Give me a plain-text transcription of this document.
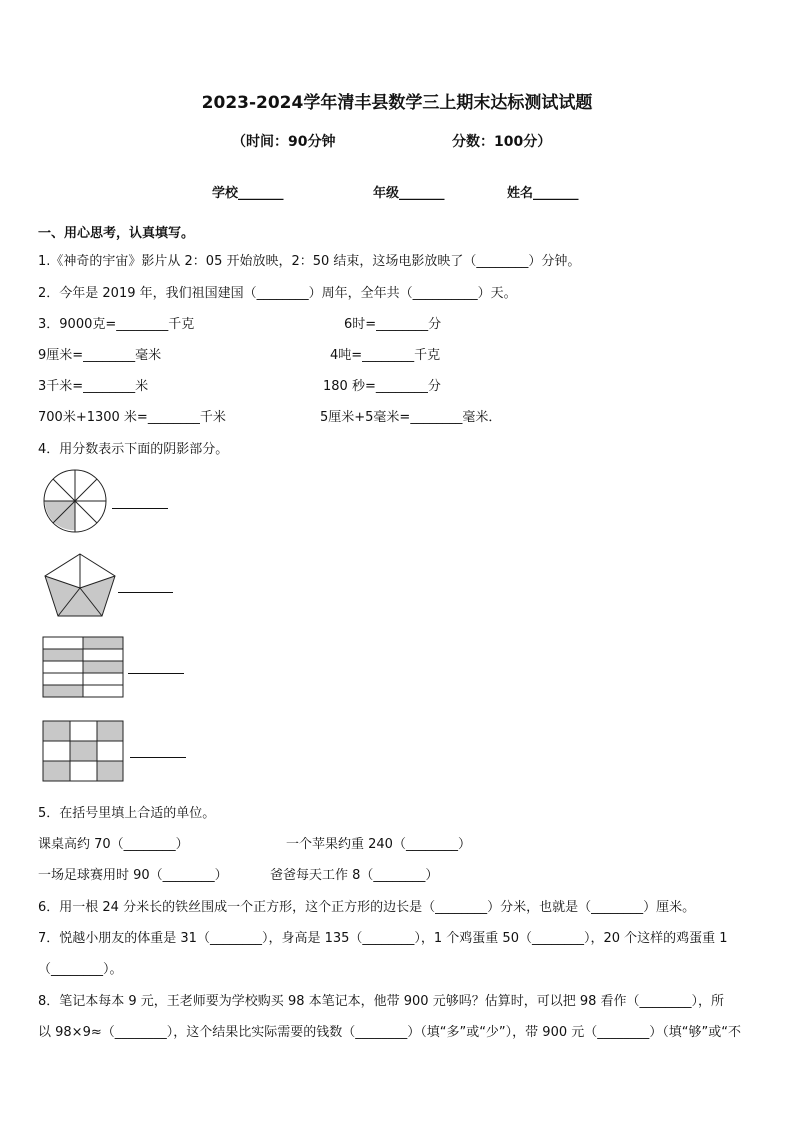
2023-2024学年清丰县数学三上期末达标测试试题
（时间：90分钟	分数：100分）
学校_______	年级_______	姓名_______
一、用心思考，认真填写。
1.《神奇的宇宙》影片从 2：05 开始放映，2：50 结束，这场电影放映了（________）分钟。
2．今年是 2019 年，我们祖国建国（________）周年，全年共（__________）天。
3．9000克=________千克	6时=________分
9厘米=________毫米	4吨=________千克
3千米=________米	180 秒=________分
700米+1300 米=________千米	5厘米+5毫米=________毫米．
4．用分数表示下面的阴影部分。
5．在括号里填上合适的单位。
课桌高约 70（________）	一个苹果约重 240（________）
一场足球赛用时 90（________）	爸爸每天工作 8（________）
6．用一根 24 分米长的铁丝围成一个正方形，这个正方形的边长是（________）分米，也就是（________）厘米。
7．悦越小朋友的体重是 31（________），身高是 135（________），1 个鸡蛋重 50（________），20 个这样的鸡蛋重 1
（________）。
8．笔记本每本 9 元，王老师要为学校购买 98 本笔记本，他带 900 元够吗？估算时，可以把 98 看作（________），所
以 98×9≈（________），这个结果比实际需要的钱数（________）（填“多”或“少”），带 900 元（________）（填“够”或“不
